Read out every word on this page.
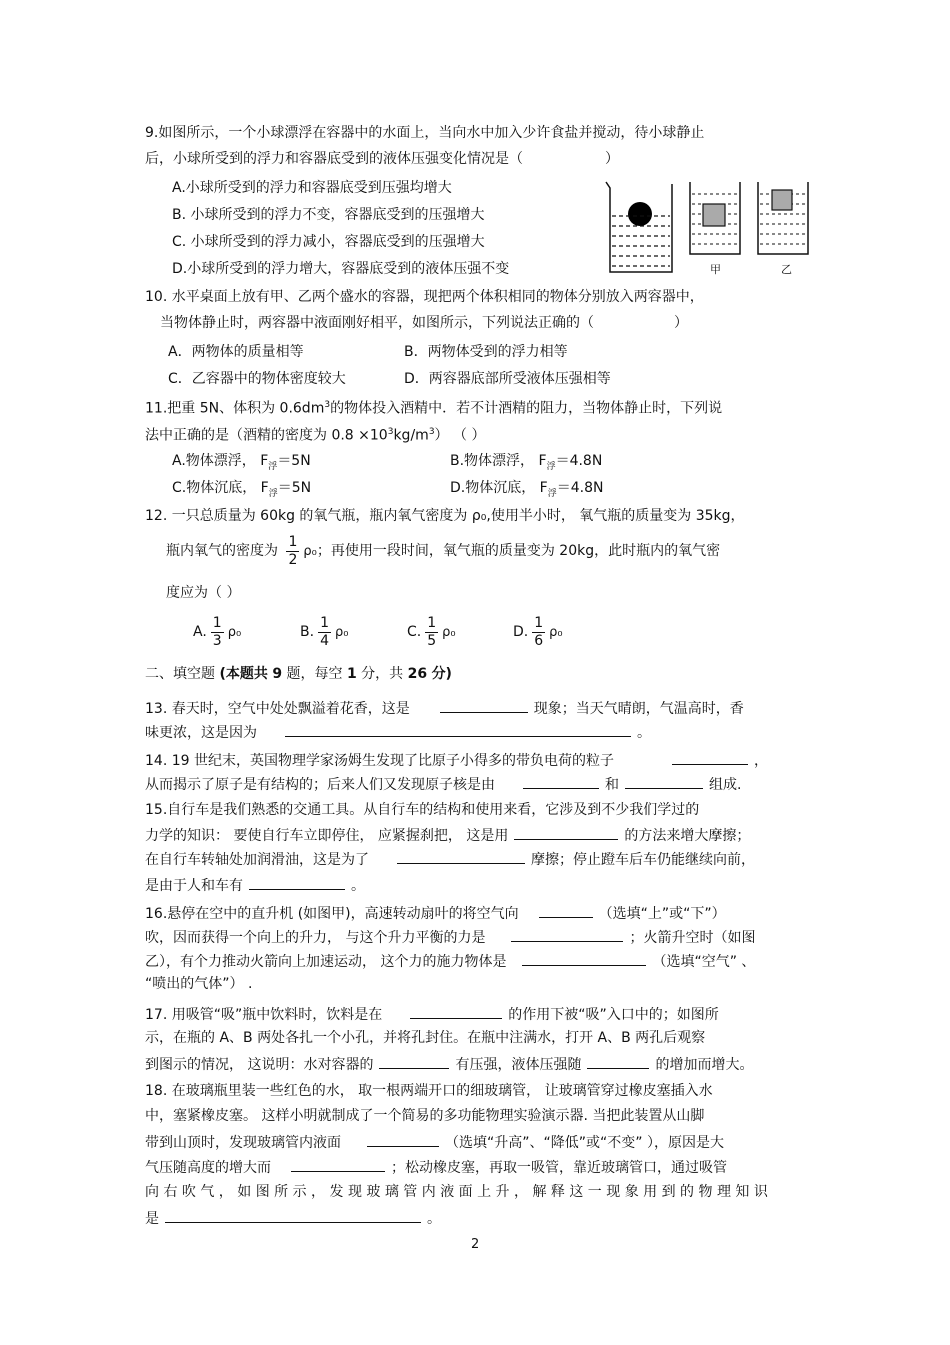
9.如图所示，一个小球漂浮在容器中的水面上，当向水中加入少许食盐并搅动，待小球静止
后，小球所受到的浮力和容器底受到的液体压强变化情况是（	）
A.小球所受到的浮力和容器底受到压强均增大
B. 小球所受到的浮力不变，容器底受到的压强增大
C. 小球所受到的浮力减小，容器底受到的压强增大
D.小球所受到的浮力增大，容器底受到的液体压强不变	甲	乙
10. 水平桌面上放有甲、乙两个盛水的容器，现把两个体积相同的物体分别放入两容器中，
当物体静止时，两容器中液面刚好相平，如图所示，下列说法正确的（	）
A．两物体的质量相等	B．两物体受到的浮力相等
C．乙容器中的物体密度较大	D．两容器底部所受液体压强相等
11.把重 5N、体积为 $0.6dm^3$的物体投入酒精中．若不计酒精的阻力，当物体静止时，下列说
法中正确的是（酒精的密度为 $0.8 \times 10^3kg/m^3$） （ ）
A.物体漂浮， $F_浮=5N$	B.物体漂浮， $F_浮=4.8N$
C.物体沉底， $F_浮=5N$	D.物体沉底， $F_浮=4.8N$
12. 一只总质量为 60kg 的氧气瓶，瓶内氧气密度为 ρ₀,使用半小时， 氧气瓶的质量变为 35kg，
瓶内氧气的密度为 $\frac{1}{2} \rho_0$；再使用一段时间，氧气瓶的质量变为 20kg，此时瓶内的氧气密
度应为（ ）
A. $\frac{1}{3} \rho_0$	B. $\frac{1}{4} \rho_0$	C. $\frac{1}{5} \rho_0$	D. $\frac{1}{6} \rho_0$
二、填空题 (本题共 9 题，每空 1 分，共 26 分)
13. 春天时，空气中处处飘溢着花香，这是	现象；当天气晴朗，气温高时，香
味更浓，这是因为	。
14. 19 世纪末，英国物理学家汤姆生发现了比原子小得多的带负电荷的粒子	，
从而揭示了原子是有结构的；后来人们又发现原子核是由	和	组成.
15.自行车是我们熟悉的交通工具。从自行车的结构和使用来看，它涉及到不少我们学过的
力学的知识： 要使自行车立即停住， 应紧握刹把， 这是用	的方法来增大摩擦；
在自行车转轴处加润滑油，这是为了	摩擦；停止蹬车后车仍能继续向前，
是由于人和车有	。
16.悬停在空中的直升机 (如图甲)，高速转动扇叶的将空气向	（选填“上”或“下”）
吹，因而获得一个向上的升力， 与这个升力平衡的力是	；火箭升空时（如图
乙），有个力推动火箭向上加速运动， 这个力的施力物体是	（选填“空气” 、
“喷出的气体”） .
17. 用吸管“吸”瓶中饮料时，饮料是在	的作用下被“吸”入口中的；如图所
示，在瓶的 A、B 两处各扎一个小孔，并将孔封住。在瓶中注满水，打开 A、B 两孔后观察
到图示的情况， 这说明：水对容器的	有压强，液体压强随	的增加而增大。
18. 在玻璃瓶里装一些红色的水， 取一根两端开口的细玻璃管， 让玻璃管穿过橡皮塞插入水
中，塞紧橡皮塞。 这样小明就制成了一个简易的多功能物理实验演示器. 当把此装置从山脚
带到山顶时，发现玻璃管内液面	（选填“升高”、“降低”或“不变” ），原因是大
气压随高度的增大而	；松动橡皮塞，再取一吸管，靠近玻璃管口，通过吸管
向 右 吹 气 ， 如 图 所 示 ， 发 现 玻 璃 管 内 液 面 上 升 ， 解 释 这 一 现 象 用 到 的 物 理 知 识
是	。
2
